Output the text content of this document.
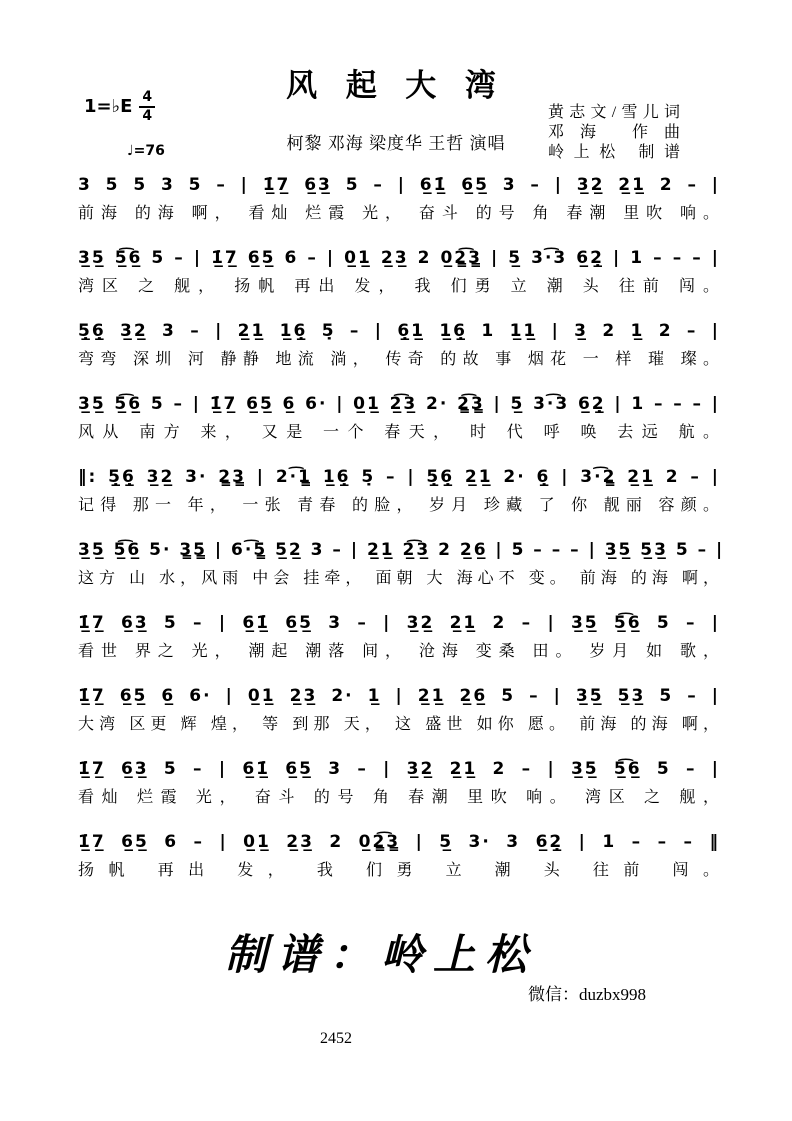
风 起 大 湾
1=♭E 4
4
♩=76	柯黎 邓海 梁度华 王哲 演唱
黄志文/雪儿词
邓海 作曲
岭上松 制谱
3 5 5 3 5 – | 1̲̇7̲ 6̲3̲ 5 – | 6̲1̲̇ 6̲5̲ 3 – | 3̲2̲ 2̲1̲ 2 – |
前海 的海 啊， 看灿 烂霞 光， 奋斗 的号 角 春潮 里吹 响。
3̲5̲ 5̲͡6̲ 5 – | 1̲̇7̲ 6̲5̲ 6 – | 0̲1̲ 2̲3̲ 2 0̲2̳͡3̳ | 5̲ 3·͡3 6̲2̲̣ | 1 – – – |
湾区 之 舰， 扬帆 再出 发， 我 们勇 立 潮 头 往前 闯。
5̲̣6̲̣ 3̲2̲ 3 – | 2̲1̲ 1̲6̲̣ 5̣ – | 6̲̣1̲ 1̲6̲̣ 1 1̲1̲ | 3̲ 2 1̲ 2 – |
弯弯 深圳 河 静静 地流 淌， 传奇 的故 事 烟花 一 样 璀 璨。
3̲5̲ 5̲͡6̲ 5 – | 1̲̇7̲ 6̲5̲ 6̲ 6· | 0̲1̲ 2̲͡3̲ 2· 2̳͡3̳ | 5̲ 3·͡3 6̲2̲̣ | 1 – – – |
风从 南方 来， 又是 一个 春天， 时 代 呼 唤 去远 航。
‖: 5̲̣6̲̣ 3̲2̲ 3· 2̳3̳ | 2·͡1̳ 1̲6̲̣ 5̣ – | 5̲̣6̲̣ 2̲1̲ 2· 6̲̣ | 3·͡2̳ 2̲1̲ 2 – |
记得 那一 年， 一张 青春 的脸， 岁月 珍藏 了 你 靓丽 容颜。
3̲5̲ 5̲͡6̲ 5· 3̳5̳ | 6·͡5̳ 5̲2̲ 3 – | 2̲1̲ 2̲͡3̲ 2 2̲6̲ | 5 – – – | 3̲5̲ 5̲3̲ 5 – |
这方 山 水，风雨 中会 挂牵， 面朝 大 海心不 变。 前海 的海 啊，
1̲̇7̲ 6̲3̲ 5 – | 6̲1̲̇ 6̲5̲ 3 – | 3̲2̲ 2̲1̲ 2 – | 3̲5̲ 5̲͡6̲ 5 – |
看世 界之 光， 潮起 潮落 间， 沧海 变桑 田。 岁月 如 歌，
1̲̇7̲ 6̲5̲ 6̲ 6· | 0̲1̲ 2̲3̲ 2· 1̲ | 2̲1̲ 2̲6̲ 5 – | 3̲5̲ 5̲3̲ 5 – |
大湾 区更 辉 煌， 等 到那 天， 这 盛世 如你 愿。 前海 的海 啊，
1̲̇7̲ 6̲3̲ 5 – | 6̲1̲̇ 6̲5̲ 3 – | 3̲2̲ 2̲1̲ 2 – | 3̲5̲ 5̲͡6̲ 5 – |
看灿 烂霞 光， 奋斗 的号 角 春潮 里吹 响。 湾区 之 舰，
1̲̇7̲ 6̲5̲ 6 – | 0̲1̲ 2̲3̲ 2 0̲2̳͡3̳ | 5̲ 3· 3 6̲2̲̣ | 1 – – – ‖
扬帆 再出 发， 我 们勇 立 潮 头 往前 闯。
制谱：岭上松
微信：duzbx998
2452
